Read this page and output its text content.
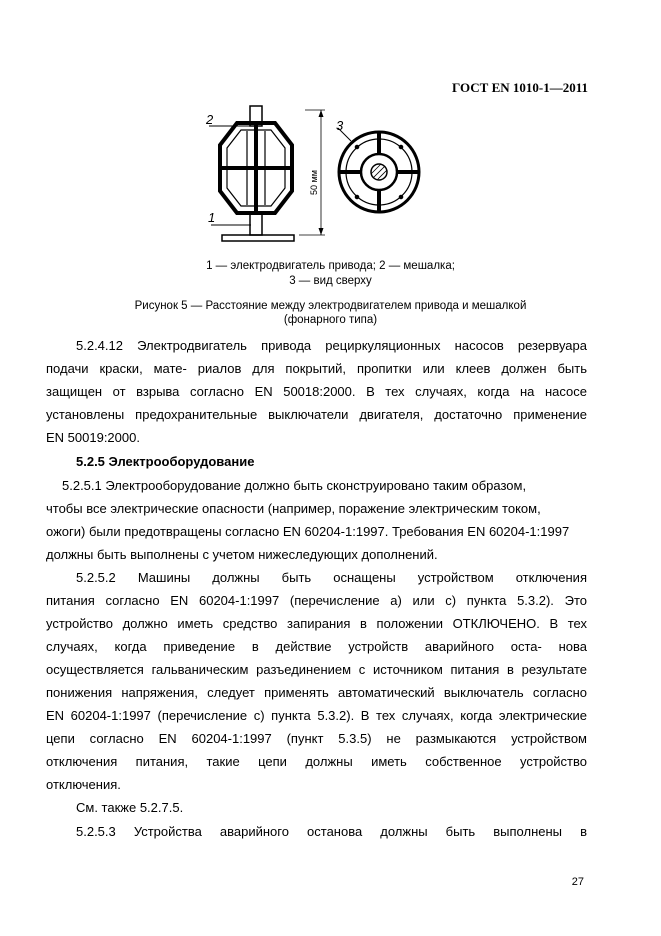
ГОСТ EN 1010-1—2011
2	3
1
50 мм
1 — электродвигатель привода; 2 — мешалка;
3 — вид сверху
Рисунок 5 — Расстояние между электродвигателем привода и мешалкой
(фонарного типа)
5.2.4.12 Электродвигатель привода рециркуляционных насосов резервуара
подачи краски, мате- риалов для покрытий, пропитки или клеев должен быть
защищен от взрыва согласно EN 50018:2000. В тех случаях, когда на насосе
установлены предохранительные выключатели двигателя, достаточно применение
EN 50019:2000.
5.2.5 Электрооборудование
5.2.5.1 Электрооборудование должно быть сконструировано таким образом,
чтобы все электрические опасности (например, поражение электрическим током,
ожоги) были предотвращены согласно EN 60204-1:1997. Требования EN 60204-1:1997
должны быть выполнены с учетом нижеследующих дополнений.
5.2.5.2 Машины должны быть оснащены устройством отключения
питания согласно EN 60204-1:1997 (перечисление а) или с) пункта 5.3.2). Это
устройство должно иметь средство запирания в положении ОТКЛЮЧЕНО. В тех
случаях, когда приведение в действие устройств аварийного оста- нова
осуществляется гальваническим разъединением с источником питания в результате
понижения напряжения, следует применять автоматический выключатель согласно
EN 60204-1:1997 (перечисление с) пункта 5.3.2). В тех случаях, когда электрические
цепи согласно EN 60204-1:1997 (пункт 5.3.5) не размыкаются устройством
отключения питания, такие цепи должны иметь собственное устройство
отключения.
См. также 5.2.7.5.
5.2.5.3 Устройства аварийного останова должны быть выполнены в
27
